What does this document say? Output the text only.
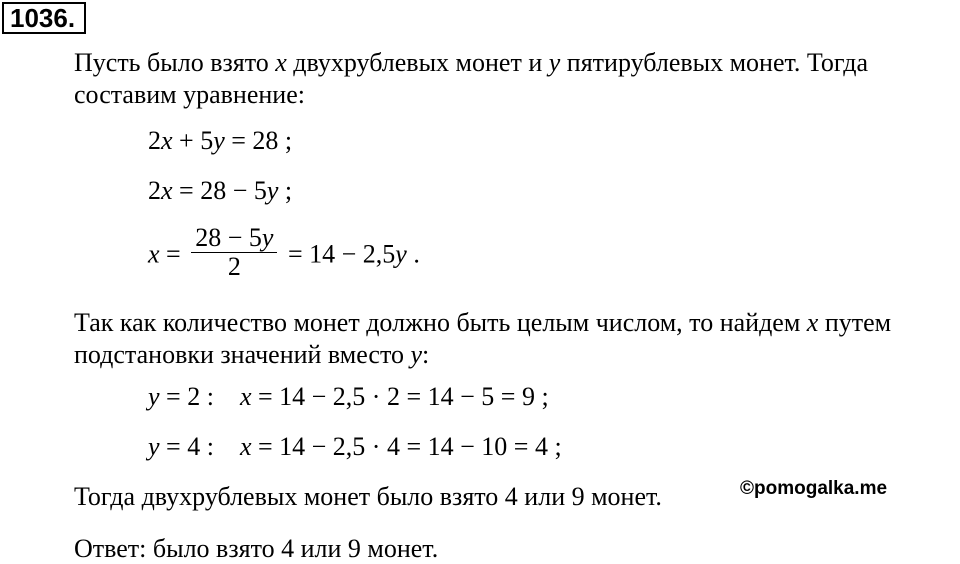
1036.
Пусть было взято x двухрублевых монет и y пятирублевых монет. Тогда
составим уравнение:
2x + 5y = 28 ;
2x = 28 − 5y ;
$x = \frac{28 - 5y}{2} = 14 - 2,5y$ .
Так как количество монет должно быть целым числом, то найдем x путем
подстановки значений вместо y:
y = 2 : x = 14 − 2,5 · 2 = 14 − 5 = 9 ;
y = 4 : x = 14 − 2,5 · 4 = 14 − 10 = 4 ;
Тогда двухрублевых монет было взято 4 или 9 монет.	©pomogalka.me
Ответ: было взято 4 или 9 монет.
